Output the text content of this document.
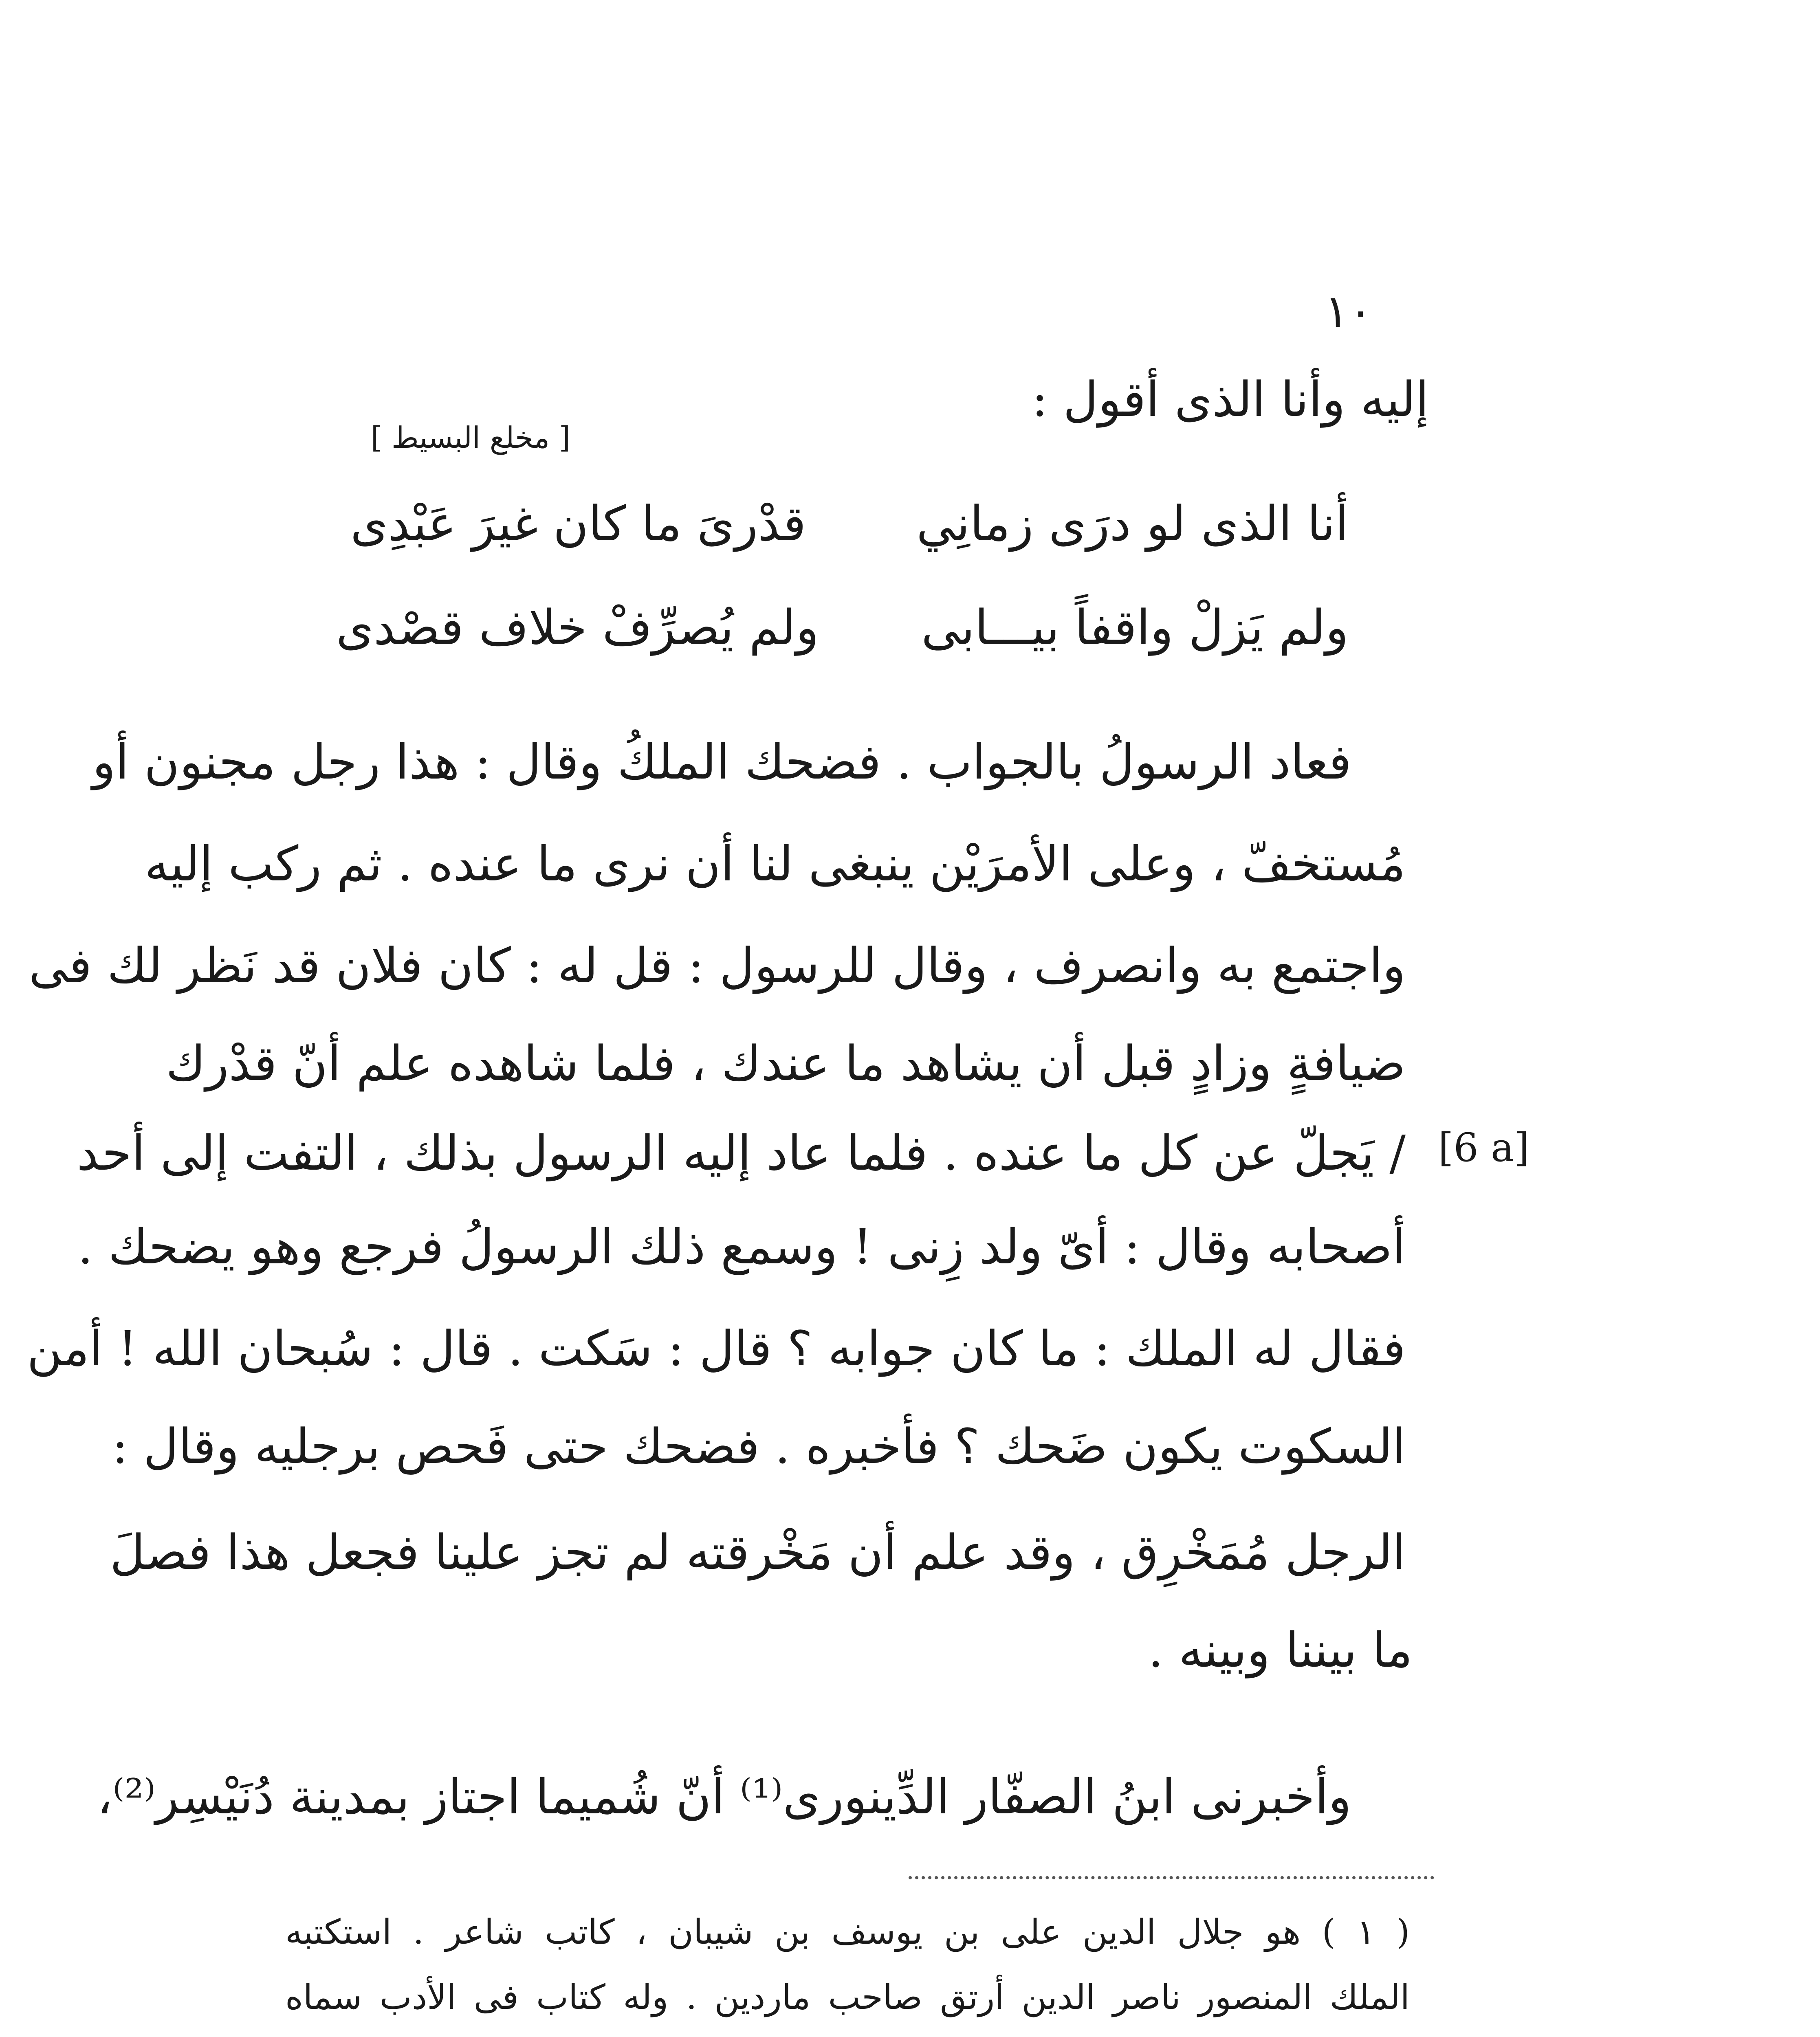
١٠
إليه وأنا الذى أقول :
[ مخلع البسيط ]
أنا الذى لو درَى زمانِي
قدْرىَ ما كان غيرَ عَبْدِى
ولم يَزلْ واقفاً بيـــابى
ولم يُصرِّفْ خلاف قصْدى
فعاد الرسولُ بالجواب . فضحك الملكُ وقال : هذا رجل مجنون أو
مُستخفّ ، وعلى الأمرَيْن ينبغى لنا أن نرى ما عنده . ثم ركب إليه
واجتمع به وانصرف ، وقال للرسول : قل له : كان فلان قد نَظر لك فى
ضيافةٍ وزادٍ قبل أن يشاهد ما عندك ، فلما شاهده علم أنّ قدْرك
/ يَجلّ عن كل ما عنده . فلما عاد إليه الرسول بذلك ، التفت إلى أحد
أصحابه وقال : أىّ ولد زِنى ! وسمع ذلك الرسولُ فرجع وهو يضحك .
فقال له الملك : ما كان جوابه ؟ قال : سَكت . قال : سُبحان الله ! أمن
السكوت يكون ضَحك ؟ فأخبره . فضحك حتى فَحص برجليه وقال :
الرجل مُمَخْرِق ، وقد علم أن مَخْرقته لم تجز علينا فجعل هذا فصلَ
ما بيننا وبينه .
[6 a]
وأخبرنى ابنُ الصفّار الدِّينورى⁽¹⁾ أنّ شُميما اجتاز بمدينة دُنَيْسِر⁽²⁾،
( ١ ) هو جلال الدين على بن يوسف بن شيبان ، كاتب شاعر . استكتبه
الملك المنصور ناصر الدين أرتق صاحب ماردين . وله كتاب فى الأدب سماه
